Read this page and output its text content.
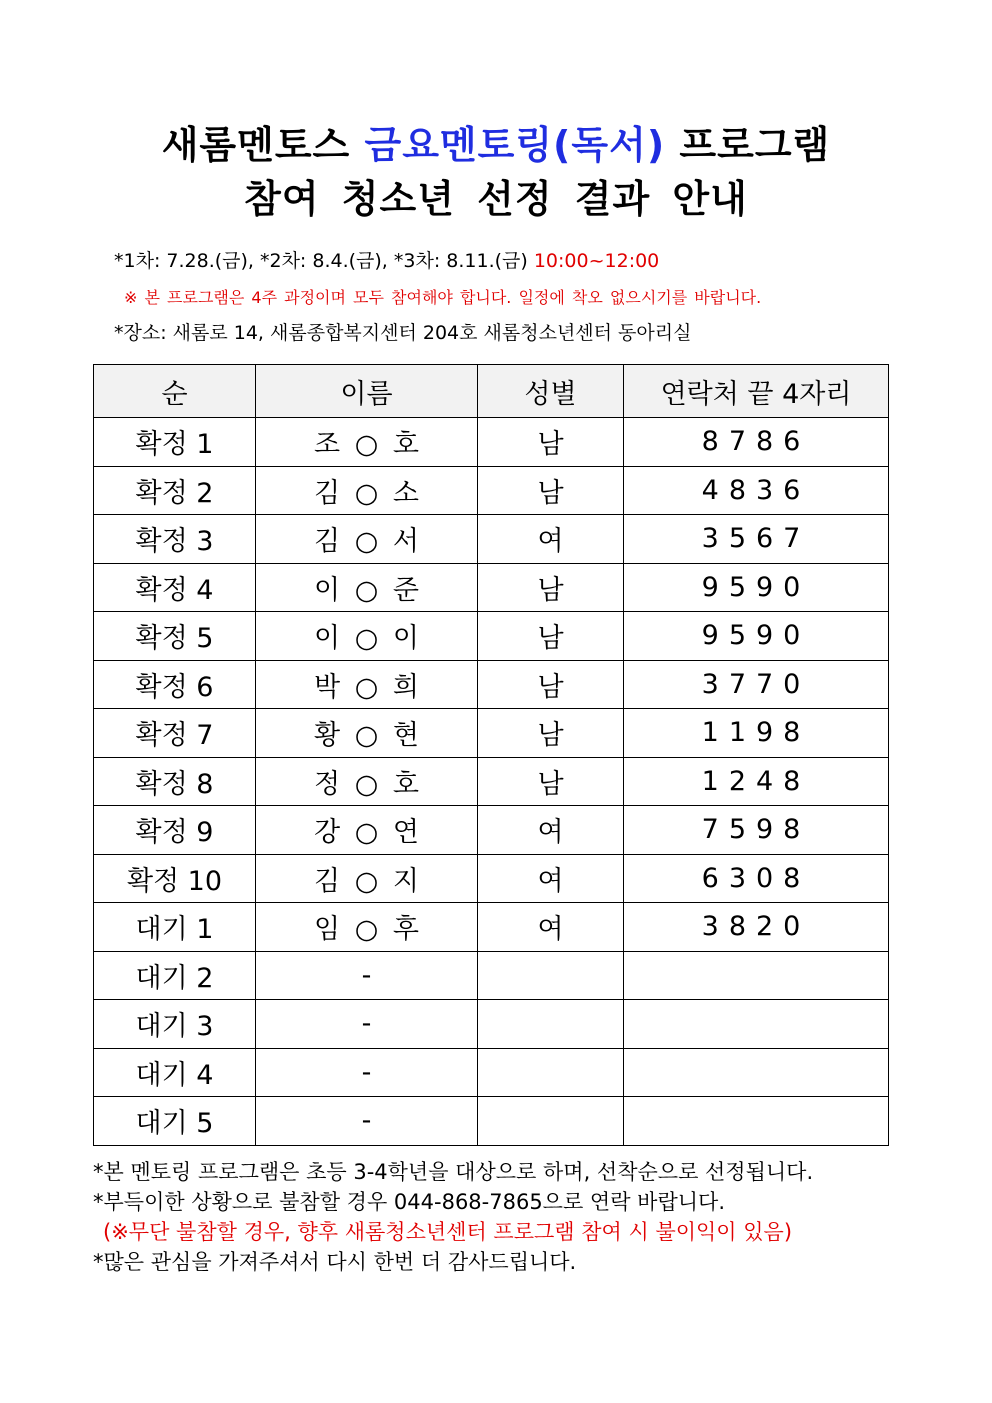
새롬멘토스 금요멘토링(독서) 프로그램
참여 청소년 선정 결과 안내
*1차: 7.28.(금), *2차: 8.4.(금), *3차: 8.11.(금) 10:00~12:00
※ 본 프로그램은 4주 과정이며 모두 참여해야 합니다. 일정에 착오 없으시기를 바랍니다.
*장소: 새롬로 14, 새롬종합복지센터 204호 새롬청소년센터 동아리실
순	이름	성별	연락처 끝 4자리
확정 1	조 ○ 호	남	8786
확정 2	김 ○ 소	남	4836
확정 3	김 ○ 서	여	3567
확정 4	이 ○ 준	남	9590
확정 5	이 ○ 이	남	9590
확정 6	박 ○ 희	남	3770
확정 7	황 ○ 현	남	1198
확정 8	정 ○ 호	남	1248
확정 9	강 ○ 연	여	7598
확정 10	김 ○ 지	여	6308
대기 1	임 ○ 후	여	3820
대기 2	-		
대기 3	-		
대기 4	-		
대기 5	-		
*본 멘토링 프로그램은 초등 3-4학년을 대상으로 하며, 선착순으로 선정됩니다.
*부득이한 상황으로 불참할 경우 044-868-7865으로 연락 바랍니다.
(※무단 불참할 경우, 향후 새롬청소년센터 프로그램 참여 시 불이익이 있음)
*많은 관심을 가져주셔서 다시 한번 더 감사드립니다.
